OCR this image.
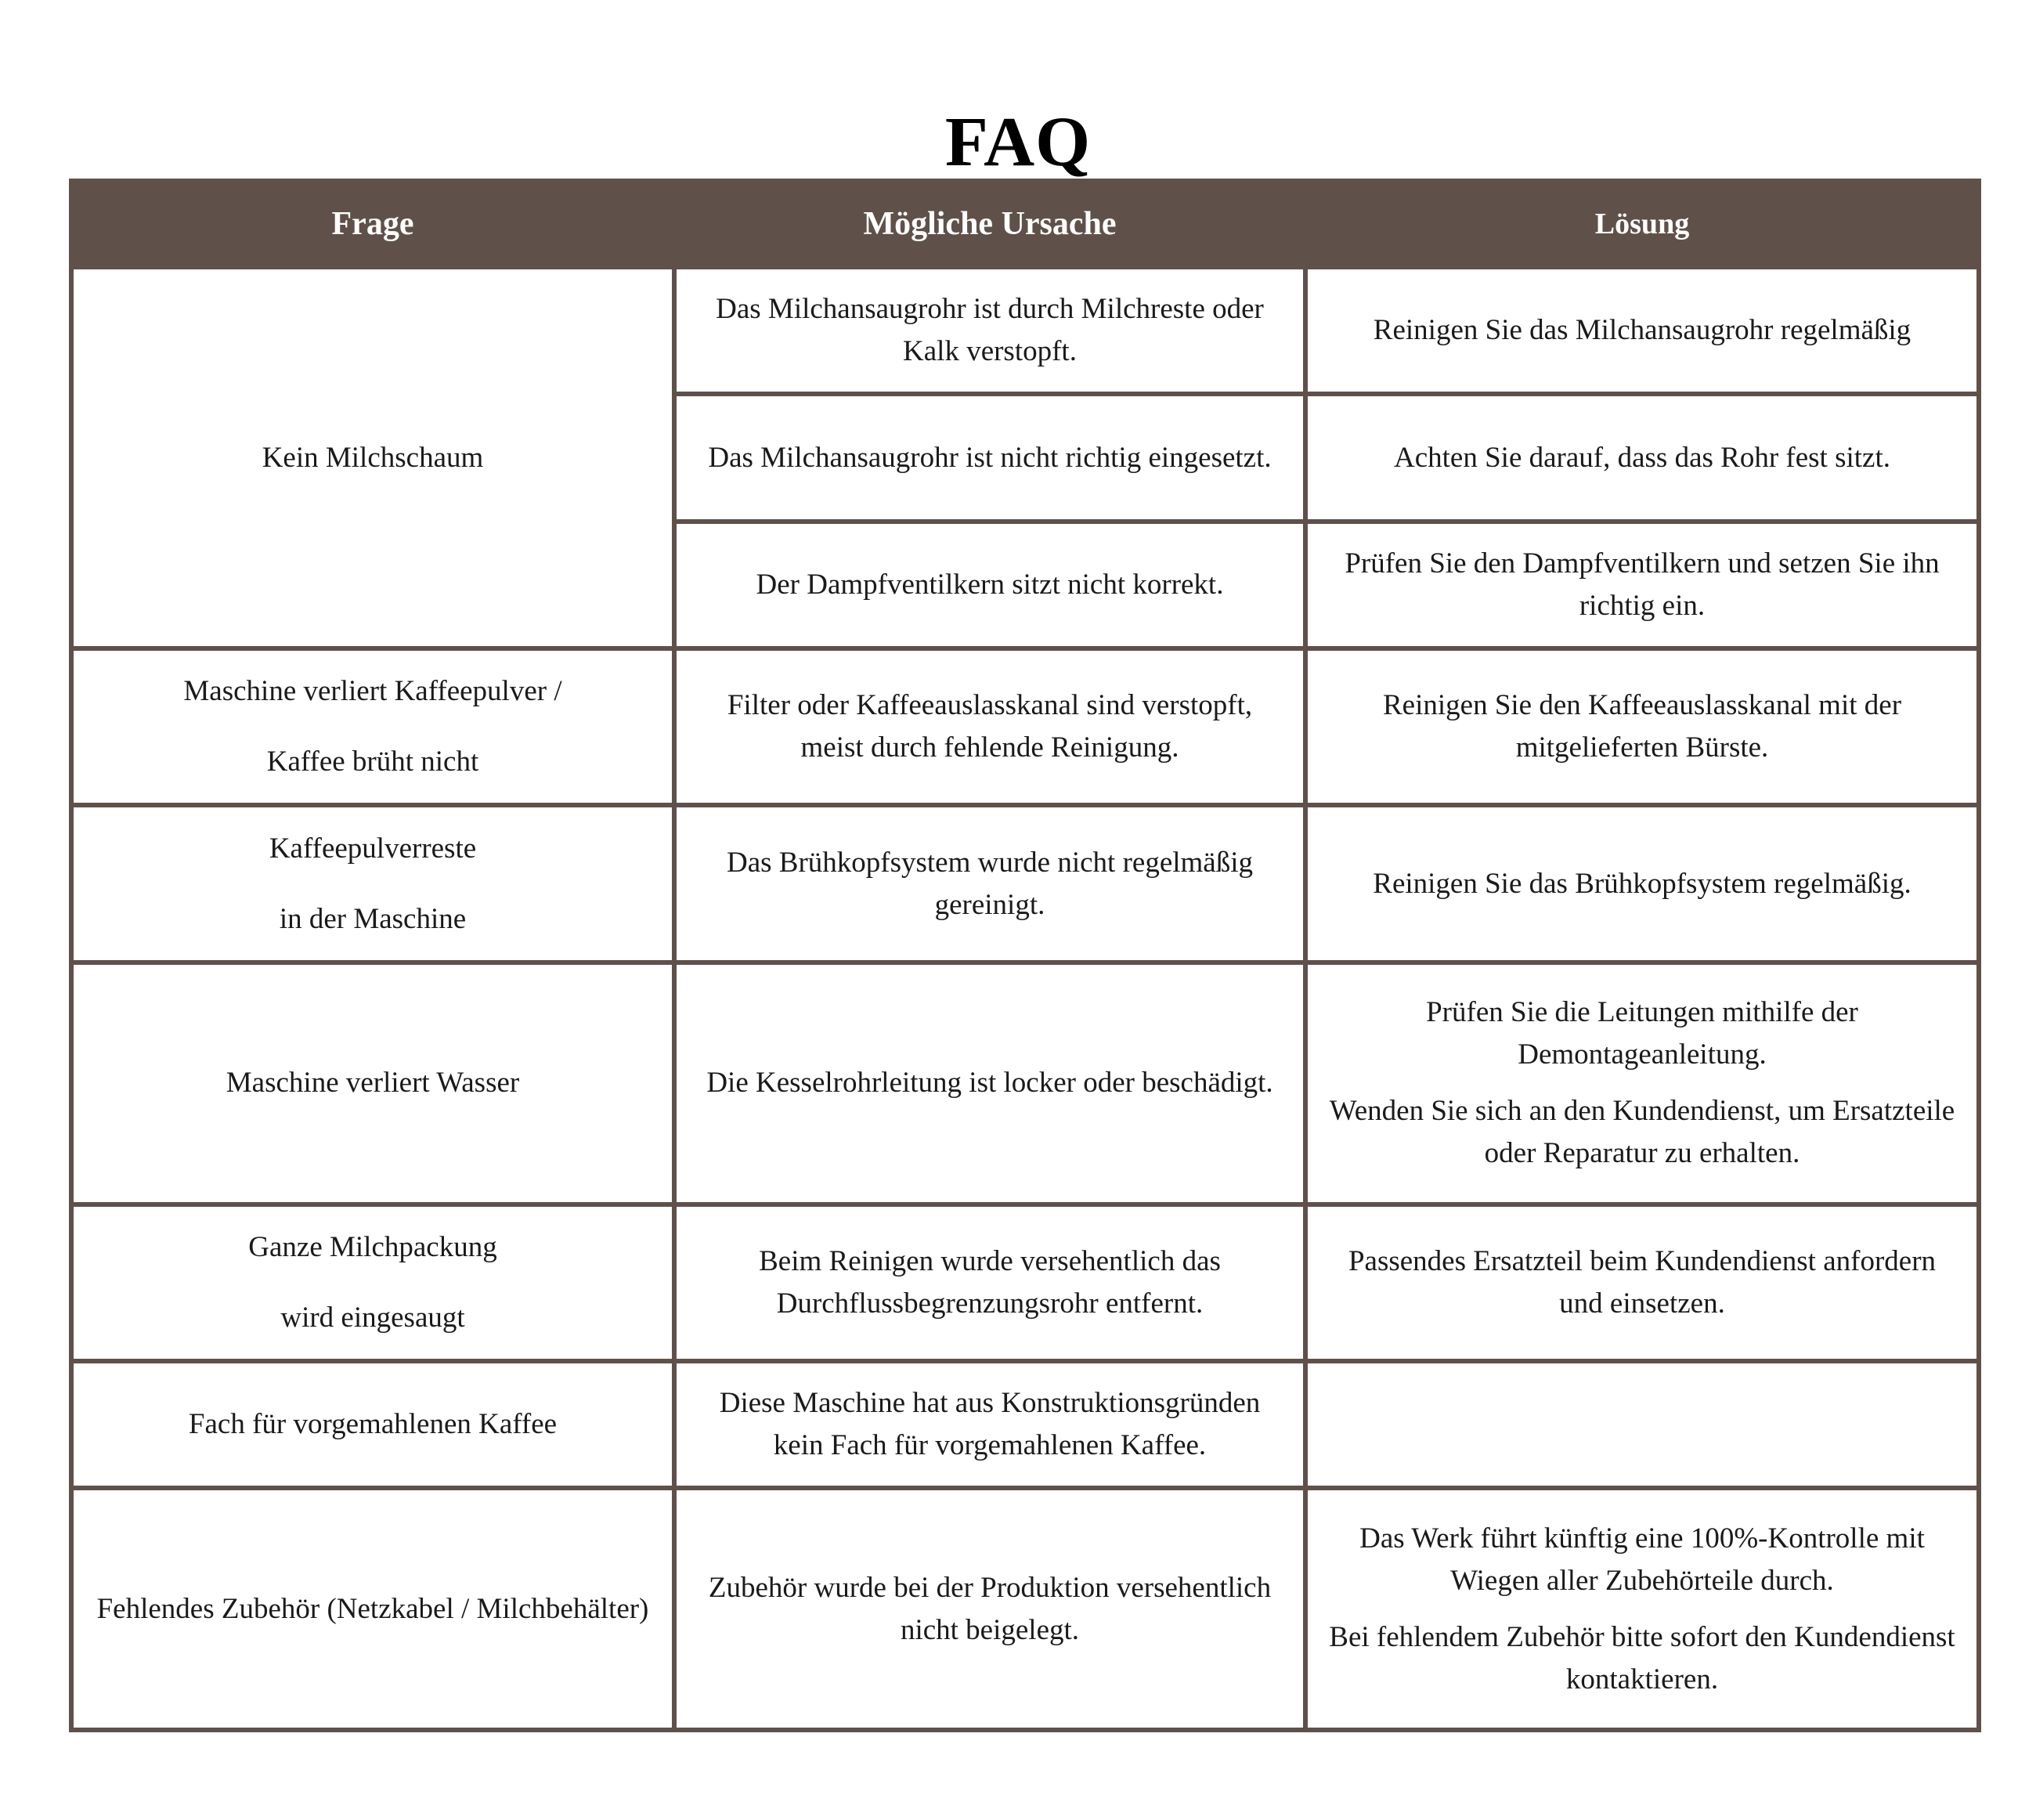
FAQ
Frage	Mögliche Ursache	Lösung

Kein Milchschaum	Das Milchansaugrohr ist durch Milchreste oder Kalk verstopft.	Reinigen Sie das Milchansaugrohr regelmäßig

	Das Milchansaugrohr ist nicht richtig eingesetzt.	Achten Sie darauf, dass das Rohr fest sitzt.

	Der Dampfventilkern sitzt nicht korrekt.	Prüfen Sie den Dampfventilkern und setzen Sie ihn richtig ein.

Maschine verliert Kaffeepulver /
Kaffee brüht nicht	Filter oder Kaffeeauslasskanal sind verstopft, meist durch fehlende Reinigung.	Reinigen Sie den Kaffeeauslasskanal mit der mitgelieferten Bürste.

Kaffeepulverreste
in der Maschine	Das Brühkopfsystem wurde nicht regelmäßig gereinigt.	Reinigen Sie das Brühkopfsystem regelmäßig.

Maschine verliert Wasser	Die Kesselrohrleitung ist locker oder beschädigt.	Prüfen Sie die Leitungen mithilfe der Demontageanleitung.
Wenden Sie sich an den Kundendienst, um Ersatzteile oder Reparatur zu erhalten.

Ganze Milchpackung
wird eingesaugt	Beim Reinigen wurde versehentlich das Durchflussbegrenzungsrohr entfernt.	Passendes Ersatzteil beim Kundendienst anfordern und einsetzen.

Fach für vorgemahlenen Kaffee	Diese Maschine hat aus Konstruktionsgründen kein Fach für vorgemahlenen Kaffee.	

Fehlendes Zubehör (Netzkabel / Milchbehälter)	Zubehör wurde bei der Produktion versehentlich nicht beigelegt.	Das Werk führt künftig eine 100%-Kontrolle mit Wiegen aller Zubehörteile durch.
Bei fehlendem Zubehör bitte sofort den Kundendienst kontaktieren.
